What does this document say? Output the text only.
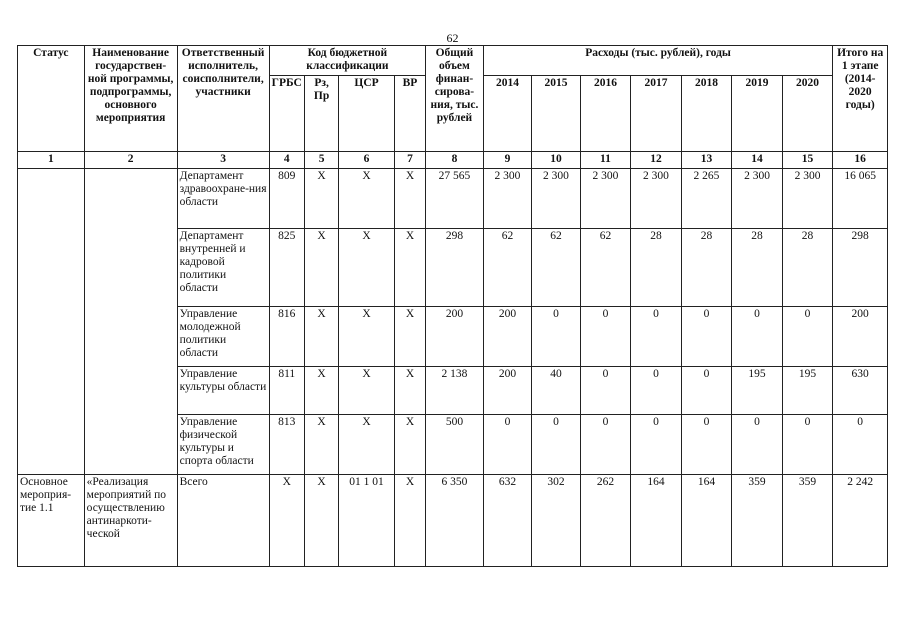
62
Статус	Наименование государствен-ной программы, подпрограммы, основного мероприятия	Ответственный исполнитель, соисполнители, участники	Код бюджетной классификации				Общий объем финан-сирова-ния, тыс. рублей	Расходы (тыс. рублей), годы							Итого на 1 этапе (2014-2020 годы)
			ГРБС	Рз, Пр	ЦСР	ВР		2014	2015	2016	2017	2018	2019	2020	
1	2	3	4	5	6	7	8	9	10	11	12	13	14	15	16
		Департамент здравоохране-ния области	809	X	X	X	27 565	2 300	2 300	2 300	2 300	2 265	2 300	2 300	16 065
		Департамент внутренней и кадровой политики области	825	X	X	X	298	62	62	62	28	28	28	28	298
		Управление молодежной политики области	816	X	X	X	200	200	0	0	0	0	0	0	200
		Управление культуры области	811	X	X	X	2 138	200	40	0	0	0	195	195	630
		Управление физической культуры и спорта области	813	X	X	X	500	0	0	0	0	0	0	0	0
Основное мероприя-тие 1.1	«Реализация мероприятий по осуществлению антинаркоти-ческой	Всего	X	X	01 1 01	X	6 350	632	302	262	164	164	359	359	2 242
